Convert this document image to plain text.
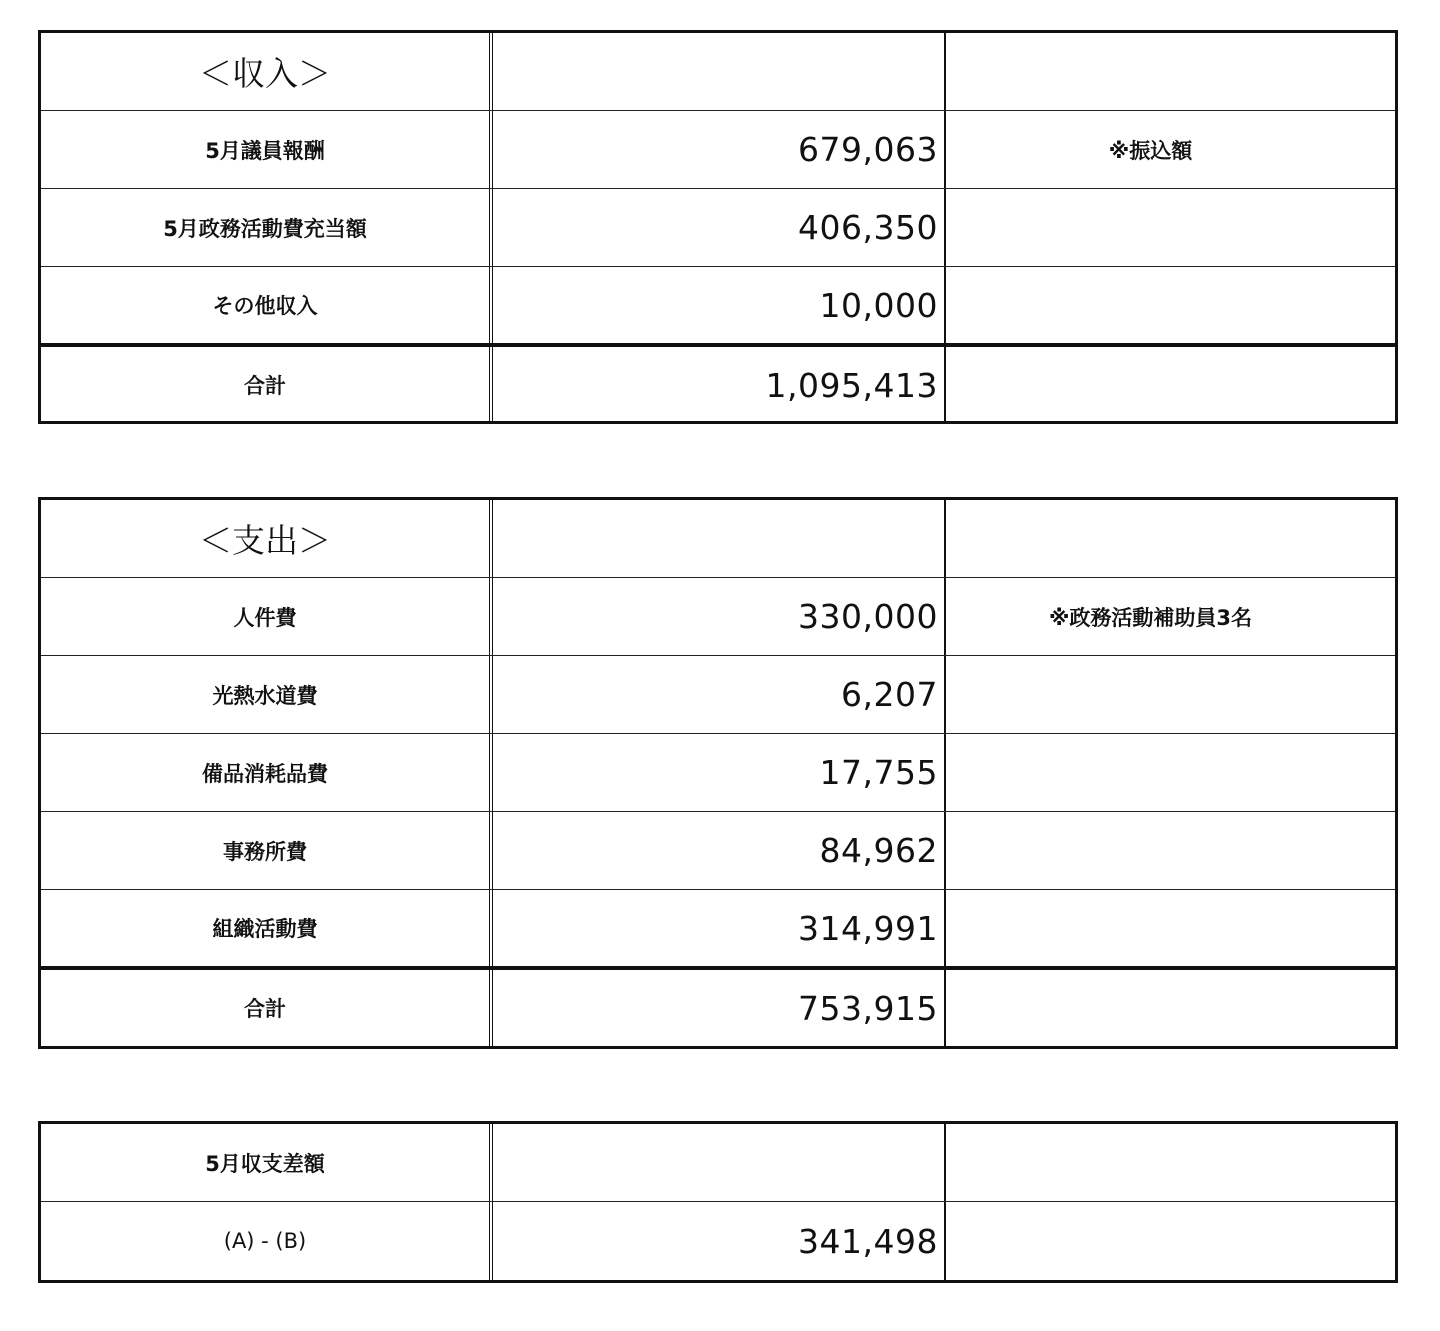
＜収入＞
5月議員報酬	679,063	※振込額
5月政務活動費充当額	406,350
その他収入	10,000
合計	1,095,413
＜支出＞
人件費	330,000	※政務活動補助員3名
光熱水道費	6,207
備品消耗品費	17,755
事務所費	84,962
組織活動費	314,991
合計	753,915
5月収支差額
(A) - (B)	341,498
